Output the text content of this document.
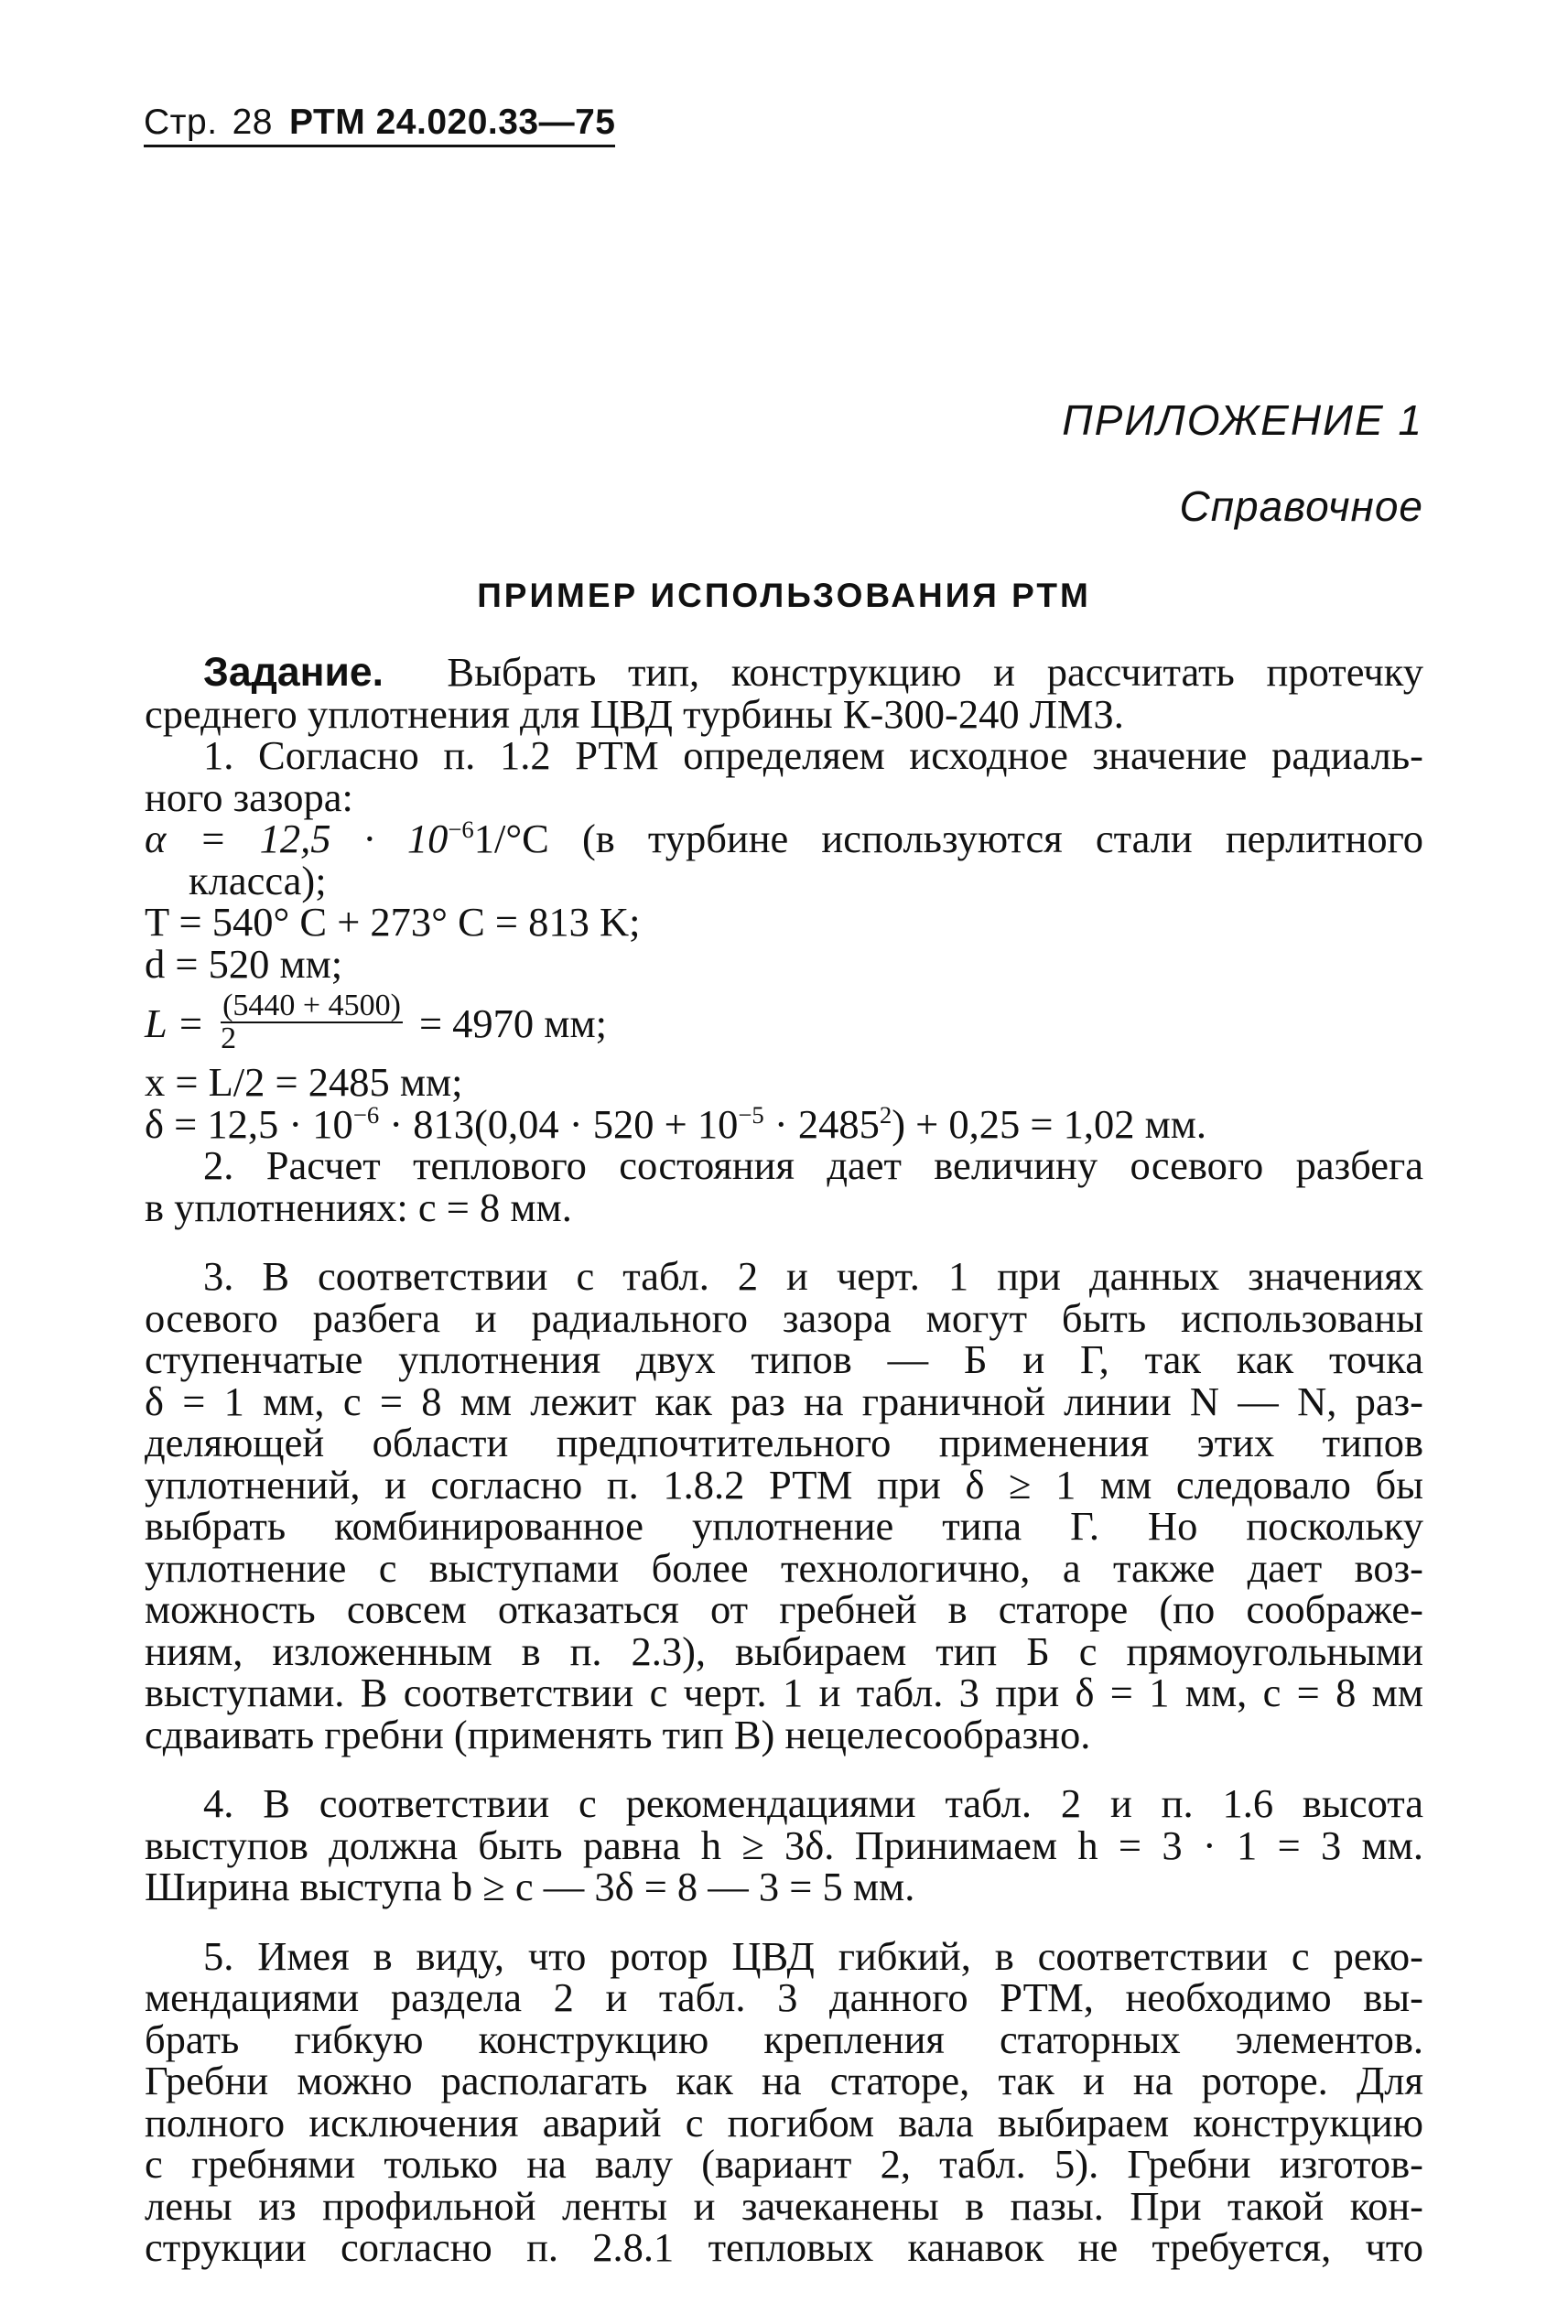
Стр. 28 РТМ 24.020.33—75
ПРИЛОЖЕНИЕ 1
Справочное
ПРИМЕР ИСПОЛЬЗОВАНИЯ РТМ
Задание. Выбрать тип, конструкцию и рассчитать протечку
среднего уплотнения для ЦВД турбины К-300-240 ЛМЗ.
1. Согласно п. 1.2 РТМ определяем исходное значение радиаль-
ного зазора:
$\alpha = 12,5 \cdot 10^{-6}1/^\circ C$ (в турбине используются стали перлитного
класса);
T = 540° C + 273° C = 813 K;
d = 520 мм;
$L = \frac{(5440 + 4500)}{2} = 4970$ мм;
x = L/2 = 2485 мм;
$\delta = 12,5 \cdot 10^{-6} \cdot 813(0,04 \cdot 520 + 10^{-5} \cdot 2485^2) + 0,25 = 1,02$ мм.
2. Расчет теплового состояния дает величину осевого разбега
в уплотнениях: c = 8 мм.
3. В соответствии с табл. 2 и черт. 1 при данных значениях
осевого разбега и радиального зазора могут быть использованы
ступенчатые уплотнения двух типов — Б и Г, так как точка
δ = 1 мм, c = 8 мм лежит как раз на граничной линии N — N, раз-
деляющей области предпочтительного применения этих типов
уплотнений, и согласно п. 1.8.2 РТМ при δ ≥ 1 мм следовало бы
выбрать комбинированное уплотнение типа Г. Но поскольку
уплотнение с выступами более технологично, а также дает воз-
можность совсем отказаться от гребней в статоре (по соображе-
ниям, изложенным в п. 2.3), выбираем тип Б с прямоугольными
выступами. В соответствии с черт. 1 и табл. 3 при δ = 1 мм, c = 8 мм
сдваивать гребни (применять тип В) нецелесообразно.
4. В соответствии с рекомендациями табл. 2 и п. 1.6 высота
выступов должна быть равна h ≥ 3δ. Принимаем h = 3 · 1 = 3 мм.
Ширина выступа b ≥ c — 3δ = 8 — 3 = 5 мм.
5. Имея в виду, что ротор ЦВД гибкий, в соответствии с реко-
мендациями раздела 2 и табл. 3 данного РТМ, необходимо вы-
брать гибкую конструкцию крепления статорных элементов.
Гребни можно располагать как на статоре, так и на роторе. Для
полного исключения аварий с погибом вала выбираем конструкцию
с гребнями только на валу (вариант 2, табл. 5). Гребни изготов-
лены из профильной ленты и зачеканены в пазы. При такой кон-
струкции согласно п. 2.8.1 тепловых канавок не требуется, что
